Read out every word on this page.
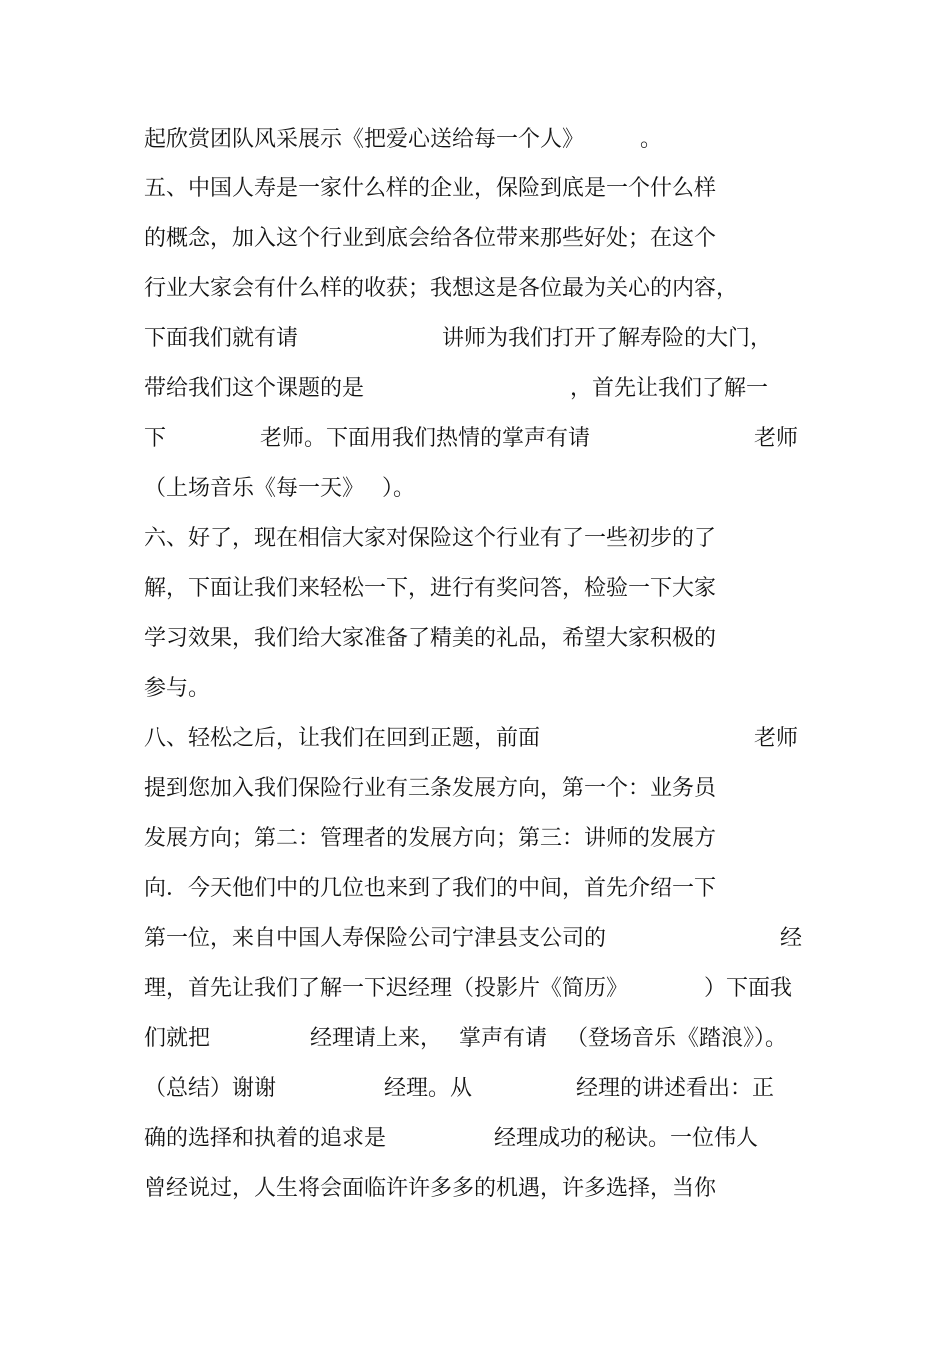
起欣赏团队风采展示《把爱心送给每一个人》	。
五、中国人寿是一家什么样的企业，保险到底是一个什么样
的概念，加入这个行业到底会给各位带来那些好处；在这个
行业大家会有什么样的收获；我想这是各位最为关心的内容，
下面我们就有请	讲师为我们打开了解寿险的大门，
带给我们这个课题的是	，首先让我们了解一
下	老师。下面用我们热情的掌声有请	老师
（上场音乐《每一天》 ）。
六、好了，现在相信大家对保险这个行业有了一些初步的了
解，下面让我们来轻松一下，进行有奖问答，检验一下大家
学习效果，我们给大家准备了精美的礼品，希望大家积极的
参与。
八、轻松之后，让我们在回到正题，前面	老师
提到您加入我们保险行业有三条发展方向，第一个：业务员
发展方向；第二：管理者的发展方向；第三：讲师的发展方
向．今天他们中的几位也来到了我们的中间，首先介绍一下
第一位，来自中国人寿保险公司宁津县支公司的	经
理，首先让我们了解一下迟经理（投影片《简历》	）下面我
们就把	经理请上来， 掌声有请 （登场音乐 《踏浪》）。
（总结）谢谢	经理。从	经理的讲述看出：正
确的选择和执着的追求是	经理成功的秘诀。一位伟人
曾经说过，人生将会面临许许多多的机遇，许多选择，当你
